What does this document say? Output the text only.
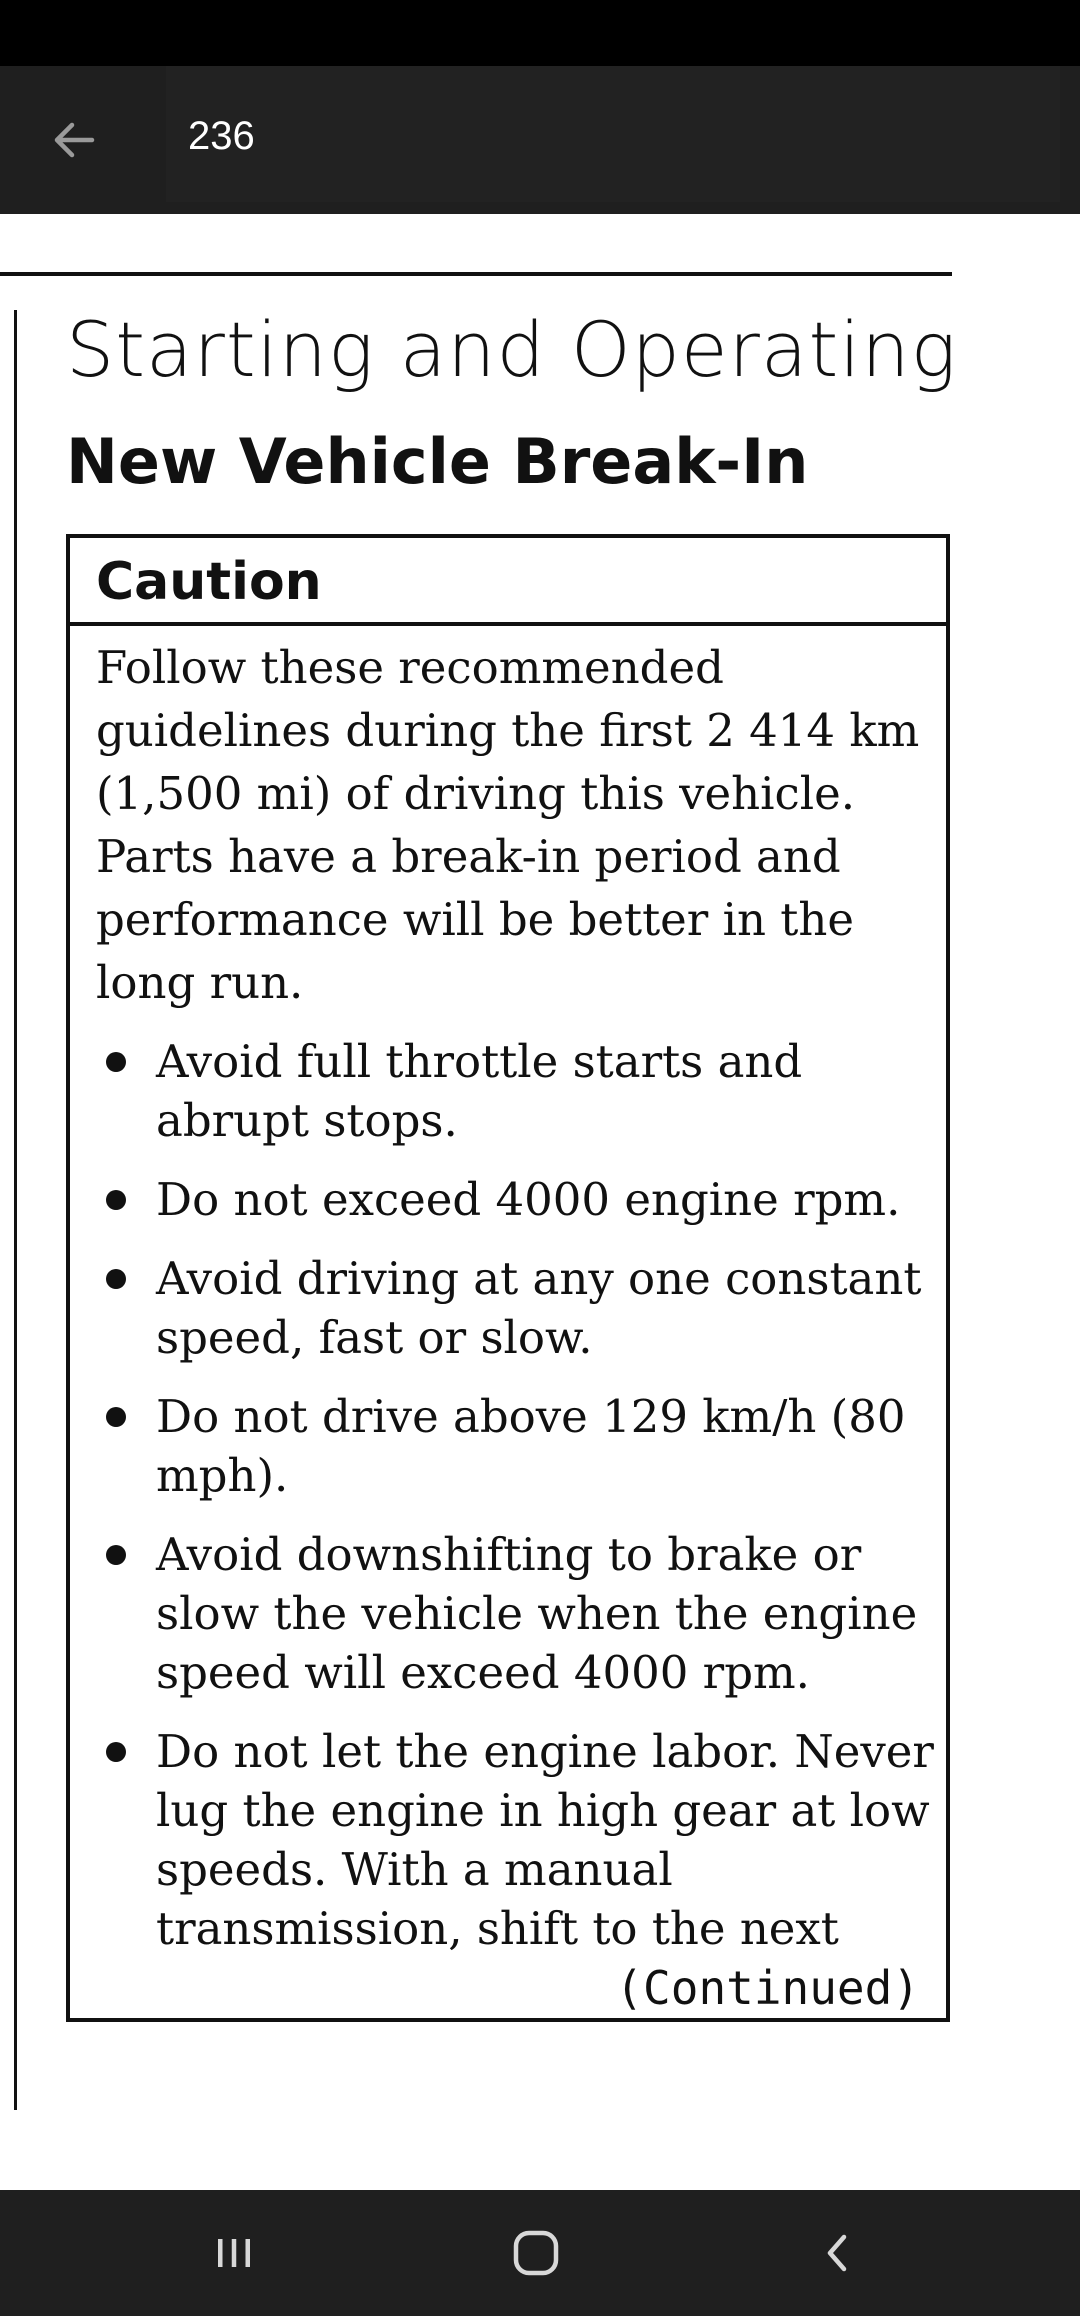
236
Starting and Operating
New Vehicle Break-In
Caution

Follow these recommended guidelines during the first 2 414 km (1,500 mi) of driving this vehicle. Parts have a break-in period and performance will be better in the long run.

Avoid full throttle starts and abrupt stops.
Do not exceed 4000 engine rpm.
Avoid driving at any one constant speed, fast or slow.
Do not drive above 129 km/h (80 mph).
Avoid downshifting to brake or slow the vehicle when the engine speed will exceed 4000 rpm.
Do not let the engine labor. Never lug the engine in high gear at low speeds. With a manual transmission, shift to the next
(Continued)
